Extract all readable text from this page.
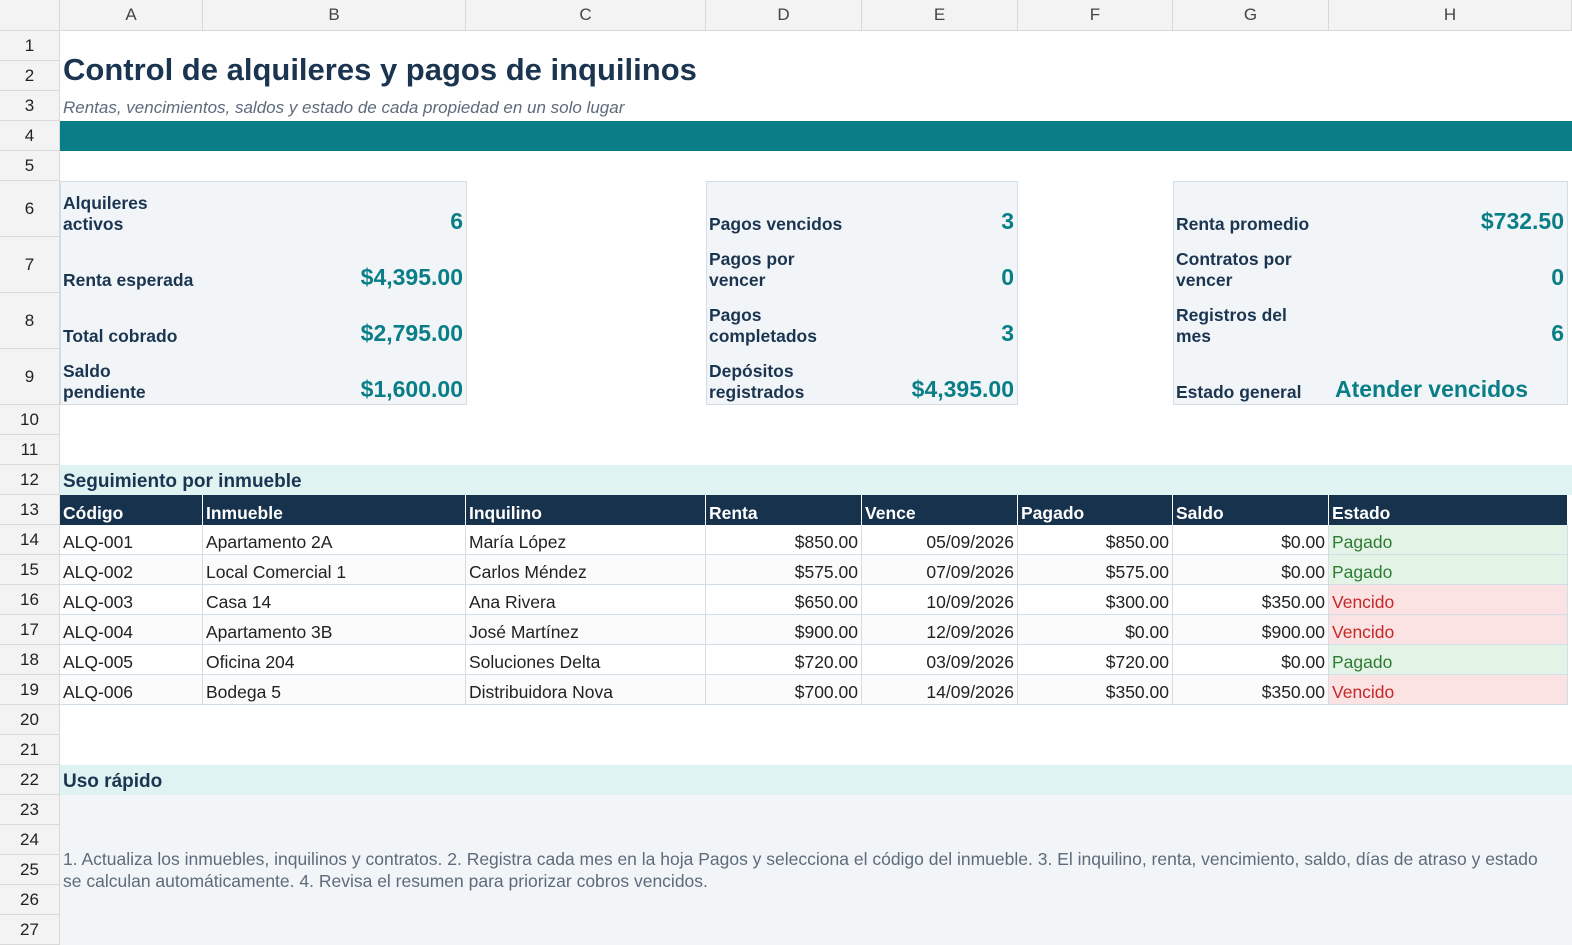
A	B	C	D	E	F	G	H
1
2
3
4
5
6
7
8
9
10
11
12
13
14
15
16
17
18
19
20
21
22
23
24
25
26
27
Control de alquileres y pagos de inquilinos
Rentas, vencimientos, saldos y estado de cada propiedad en un solo lugar
Alquileres
activos	6
Renta esperada	$4,395.00
Total cobrado	$2,795.00
Saldo
pendiente	$1,600.00
Pagos vencidos	3
Pagos por
vencer	0
Pagos
completados	3
Depósitos
registrados	$4,395.00
Renta promedio	$732.50
Contratos por
vencer	0
Registros del
mes	6
Estado general Atender vencidos
Seguimiento por inmueble
Código	Inmueble	Inquilino	Renta	Vence	Pagado	Saldo	Estado
ALQ-001	Apartamento 2A	María López	$850.00	05/09/2026	$850.00	$0.00 Pagado
ALQ-002	Local Comercial 1	Carlos Méndez	$575.00	07/09/2026	$575.00	$0.00 Pagado
ALQ-003	Casa 14	Ana Rivera	$650.00	10/09/2026	$300.00	$350.00 Vencido
ALQ-004	Apartamento 3B	José Martínez	$900.00	12/09/2026	$0.00	$900.00 Vencido
ALQ-005	Oficina 204	Soluciones Delta	$720.00	03/09/2026	$720.00	$0.00 Pagado
ALQ-006	Bodega 5	Distribuidora Nova	$700.00	14/09/2026	$350.00	$350.00 Vencido
Uso rápido
1. Actualiza los inmuebles, inquilinos y contratos. 2. Registra cada mes en la hoja Pagos y selecciona el código del inmueble. 3. El inquilino, renta, vencimiento, saldo, días de atraso y estado se calculan automáticamente. 4. Revisa el resumen para priorizar cobros vencidos.
